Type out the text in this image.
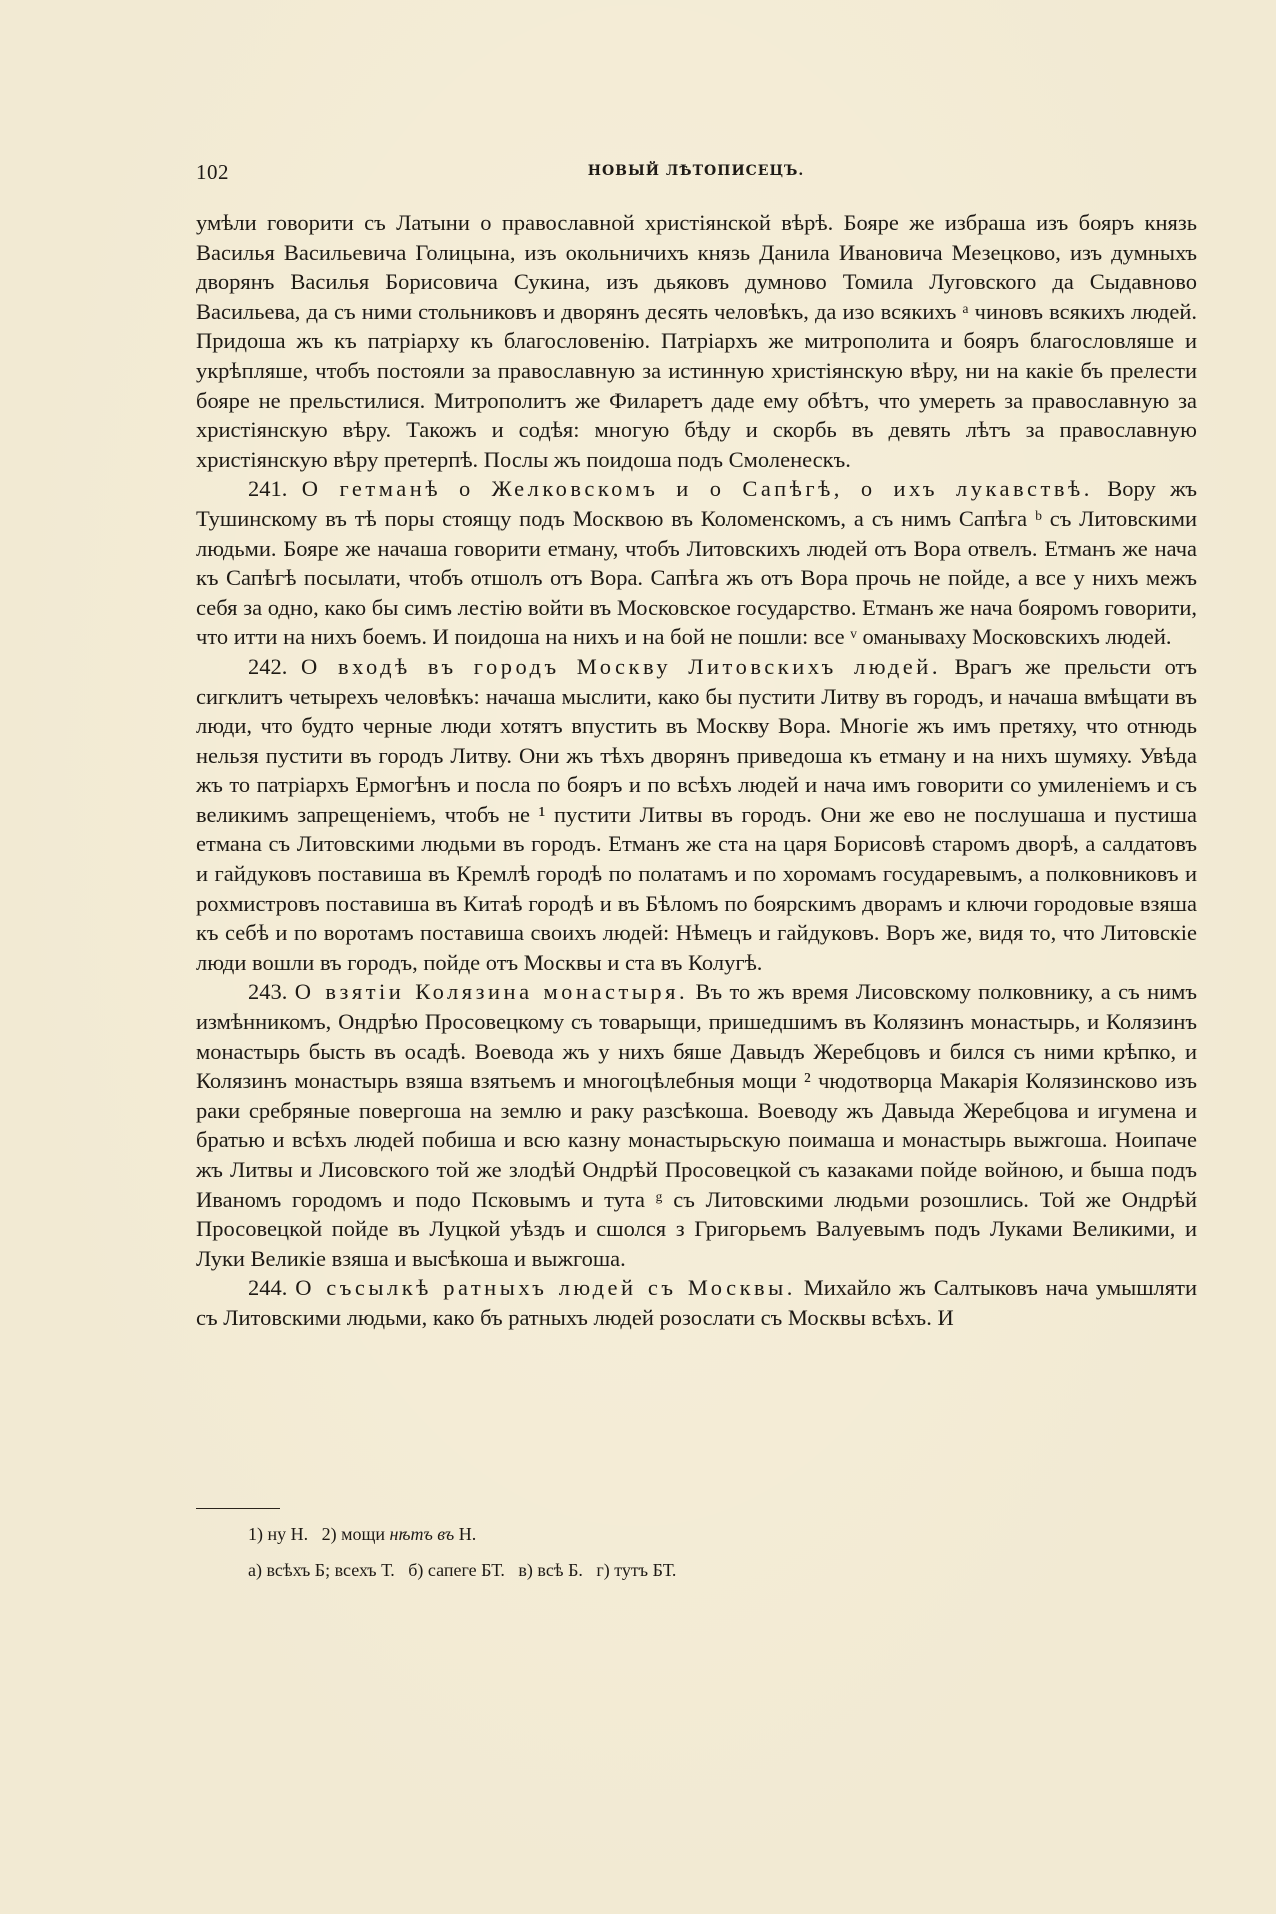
102	НОВЫЙ ЛѢТОПИСЕЦЪ.

умѣли говорити съ Латыни о православной христіянской вѣрѣ. Бояре же избраша изъ бояръ князь Василья Васильевича Голицына, изъ окольничихъ князь Данила Ивановича Мезецково, изъ думныхъ дворянъ Василья Борисовича Сукина, изъ дьяковъ думново Томила Луговского да Сыдавново Васильева, да съ ними стольниковъ и дворянъ десять человѣкъ, да изо всякихъ ᵃ чиновъ всякихъ людей. Придоша жъ къ патріарху къ благословенію. Патріархъ же митрополита и бояръ благословляше и укрѣпляше, чтобъ постояли за православную за истинную христіянскую вѣру, ни на какіе бъ прелести бояре не прельстилися. Митрополитъ же Филаретъ даде ему обѣтъ, что умереть за православную за христіянскую вѣру. Такожъ и содѣя: многую бѣду и скорбь въ девять лѣтъ за православную христіянскую вѣру претерпѣ. Послы жъ поидоша подъ Смоленескъ.

241. О гетманѣ о Желковскомъ и о Сапѣгѣ, о ихъ лукавствѣ. Вору жъ Тушинскому въ тѣ поры стоящу подъ Москвою въ Коломенскомъ, а съ нимъ Сапѣга ᵇ съ Литовскими людьми. Бояре же начаша говорити етману, чтобъ Литовскихъ людей отъ Вора отвелъ. Етманъ же нача къ Сапѣгѣ посылати, чтобъ отшолъ отъ Вора. Сапѣга жъ отъ Вора прочь не пойде, а все у нихъ межъ себя за одно, како бы симъ лестію войти въ Московское государство. Етманъ же нача бояромъ говорити, что итти на нихъ боемъ. И поидоша на нихъ и на бой не пошли: все ᵛ оманываху Московскихъ людей.

242. О входѣ въ городъ Москву Литовскихъ людей. Врагъ же прельсти отъ сигклитъ четырехъ человѣкъ: начаша мыслити, како бы пустити Литву въ городъ, и начаша вмѣщати въ люди, что будто черные люди хотятъ впустить въ Москву Вора. Многіе жъ имъ претяху, что отнюдь нельзя пустити въ городъ Литву. Они жъ тѣхъ дворянъ приведоша къ етману и на нихъ шумяху. Увѣда жъ то патріархъ Ермогѣнъ и посла по бояръ и по всѣхъ людей и нача имъ говорити со умиленіемъ и съ великимъ запрещеніемъ, чтобъ не ¹ пустити Литвы въ городъ. Они же ево не послушаша и пустиша етмана съ Литовскими людьми въ городъ. Етманъ же ста на царя Борисовѣ старомъ дворѣ, а салдатовъ и гайдуковъ поставиша въ Кремлѣ городѣ по полатамъ и по хоромамъ государевымъ, а полковниковъ и рохмистровъ поставиша въ Китаѣ городѣ и въ Бѣломъ по боярскимъ дворамъ и ключи городовые взяша къ себѣ и по воротамъ поставиша своихъ людей: Нѣмецъ и гайдуковъ. Воръ же, видя то, что Литовскіе люди вошли въ городъ, пойде отъ Москвы и ста въ Колугѣ.

243. О взятіи Колязина монастыря. Въ то жъ время Лисовскому полковнику, а съ нимъ измѣнникомъ, Ондрѣю Просовецкому съ товарыщи, пришедшимъ въ Колязинъ монастырь, и Колязинъ монастырь бысть въ осадѣ. Воевода жъ у нихъ бяше Давыдъ Жеребцовъ и бился съ ними крѣпко, и Колязинъ монастырь взяша взятьемъ и многоцѣлебныя мощи ² чюдотворца Макарія Колязинсково изъ раки сребряные повергоша на землю и раку разсѣкоша. Воеводу жъ Давыда Жеребцова и игумена и братью и всѣхъ людей побиша и всю казну монастырьскую поимаша и монастырь выжгоша. Ноипаче жъ Литвы и Лисовского той же злодѣй Ондрѣй Просовецкой съ казаками пойде войною, и быша подъ Иваномъ городомъ и подо Псковымъ и тута ᵍ съ Литовскими людьми розошлись. Той же Ондрѣй Просовецкой пойде въ Луцкой уѣздъ и сшолся з Григорьемъ Валуевымъ подъ Луками Великими, и Луки Великіе взяша и высѣкоша и выжгоша.

244. О съсылкѣ ратныхъ людей съ Москвы. Михайло жъ Салтыковъ нача умышляти съ Литовскими людьми, како бъ ратныхъ людей розослати съ Москвы всѣхъ. И

1) ну Н. 2) мощи нѣтъ въ Н.

а) всѣхъ Б; всехъ Т.   б) сапеге БТ.   в) всѣ Б.   г) тутъ БТ.
